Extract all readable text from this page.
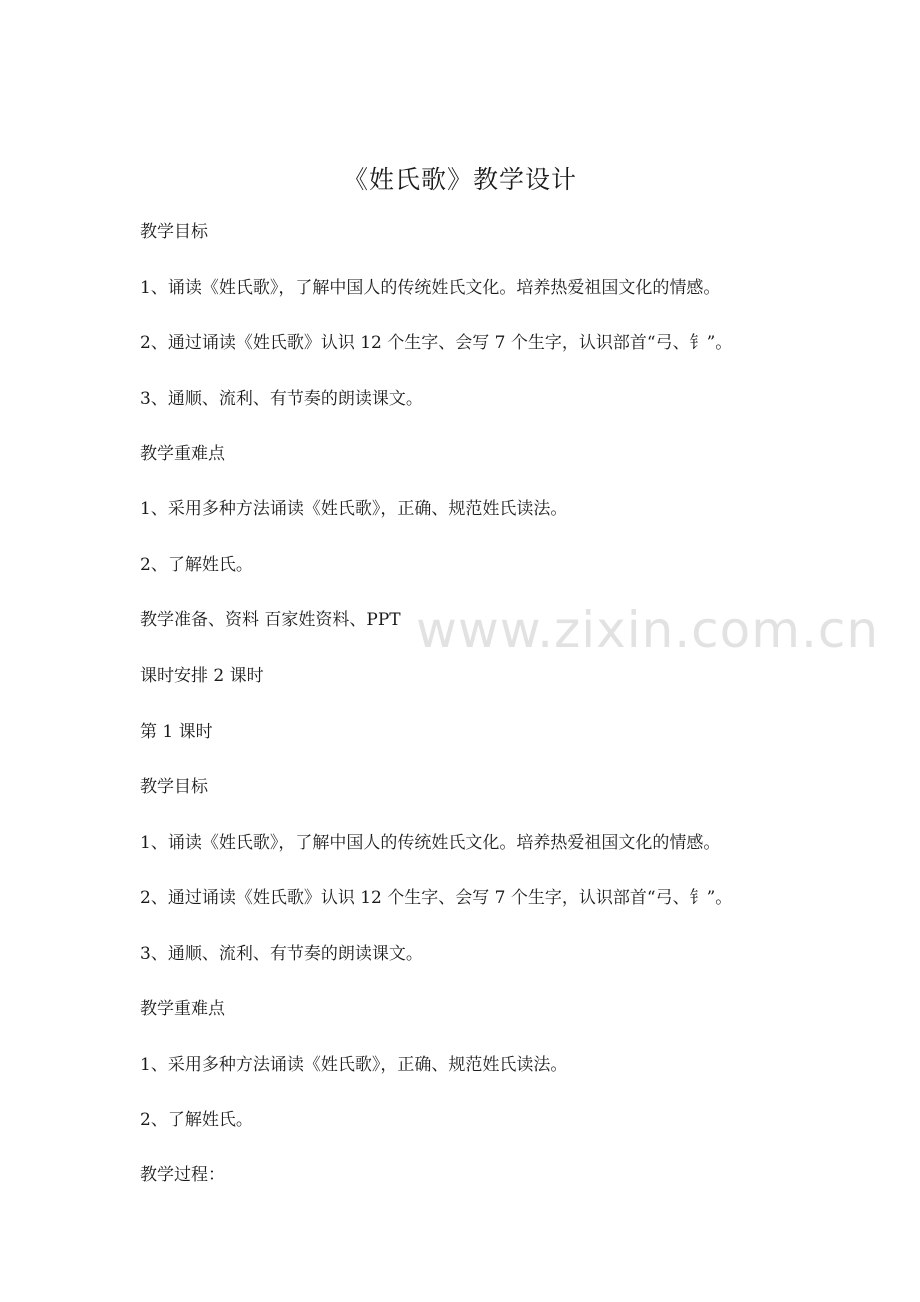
《姓氏歌》教学设计
教学目标
1、诵读《姓氏歌》，了解中国人的传统姓氏文化。培养热爱祖国文化的情感。
2、通过诵读《姓氏歌》认识 12 个生字、会写 7 个生字，认识部首“弓、钅”。
3、通顺、流利、有节奏的朗读课文。
教学重难点
1、采用多种方法诵读《姓氏歌》，正确、规范姓氏读法。
2、了解姓氏。
教学准备、资料 百家姓资料、PPT
课时安排 2 课时
第 1 课时
教学目标
1、诵读《姓氏歌》，了解中国人的传统姓氏文化。培养热爱祖国文化的情感。
2、通过诵读《姓氏歌》认识 12 个生字、会写 7 个生字，认识部首“弓、钅”。
3、通顺、流利、有节奏的朗读课文。
教学重难点
1、采用多种方法诵读《姓氏歌》，正确、规范姓氏读法。
2、了解姓氏。
教学过程：
www.zixin.com.cn
